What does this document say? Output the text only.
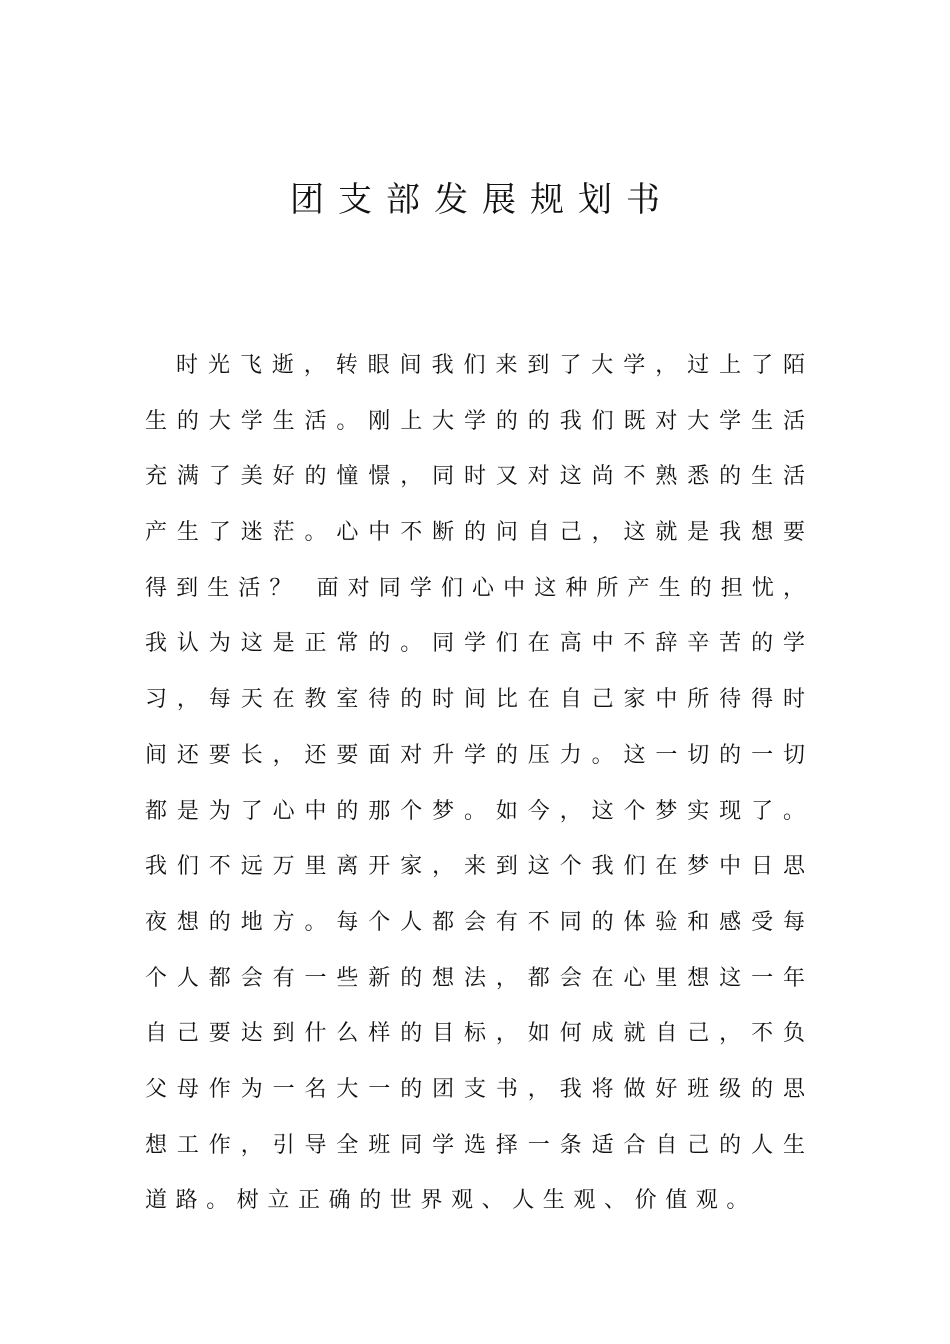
团支部发展规划书
时光飞逝，转眼间我们来到了大学，过上了陌
生的大学生活。刚上大学的的我们既对大学生活
充满了美好的憧憬，同时又对这尚不熟悉的生活
产生了迷茫。心中不断的问自己，这就是我想要
得到生活？ 面对同学们心中这种所产生的担忧，
我认为这是正常的。同学们在高中不辞辛苦的学
习，每天在教室待的时间比在自己家中所待得时
间还要长，还要面对升学的压力。这一切的一切
都是为了心中的那个梦。如今，这个梦实现了。
我们不远万里离开家，来到这个我们在梦中日思
夜想的地方。每个人都会有不同的体验和感受每
个人都会有一些新的想法，都会在心里想这一年
自己要达到什么样的目标，如何成就自己，不负
父母作为一名大一的团支书，我将做好班级的思
想工作，引导全班同学选择一条适合自己的人生
道路。树立正确的世界观、人生观、价值观。
